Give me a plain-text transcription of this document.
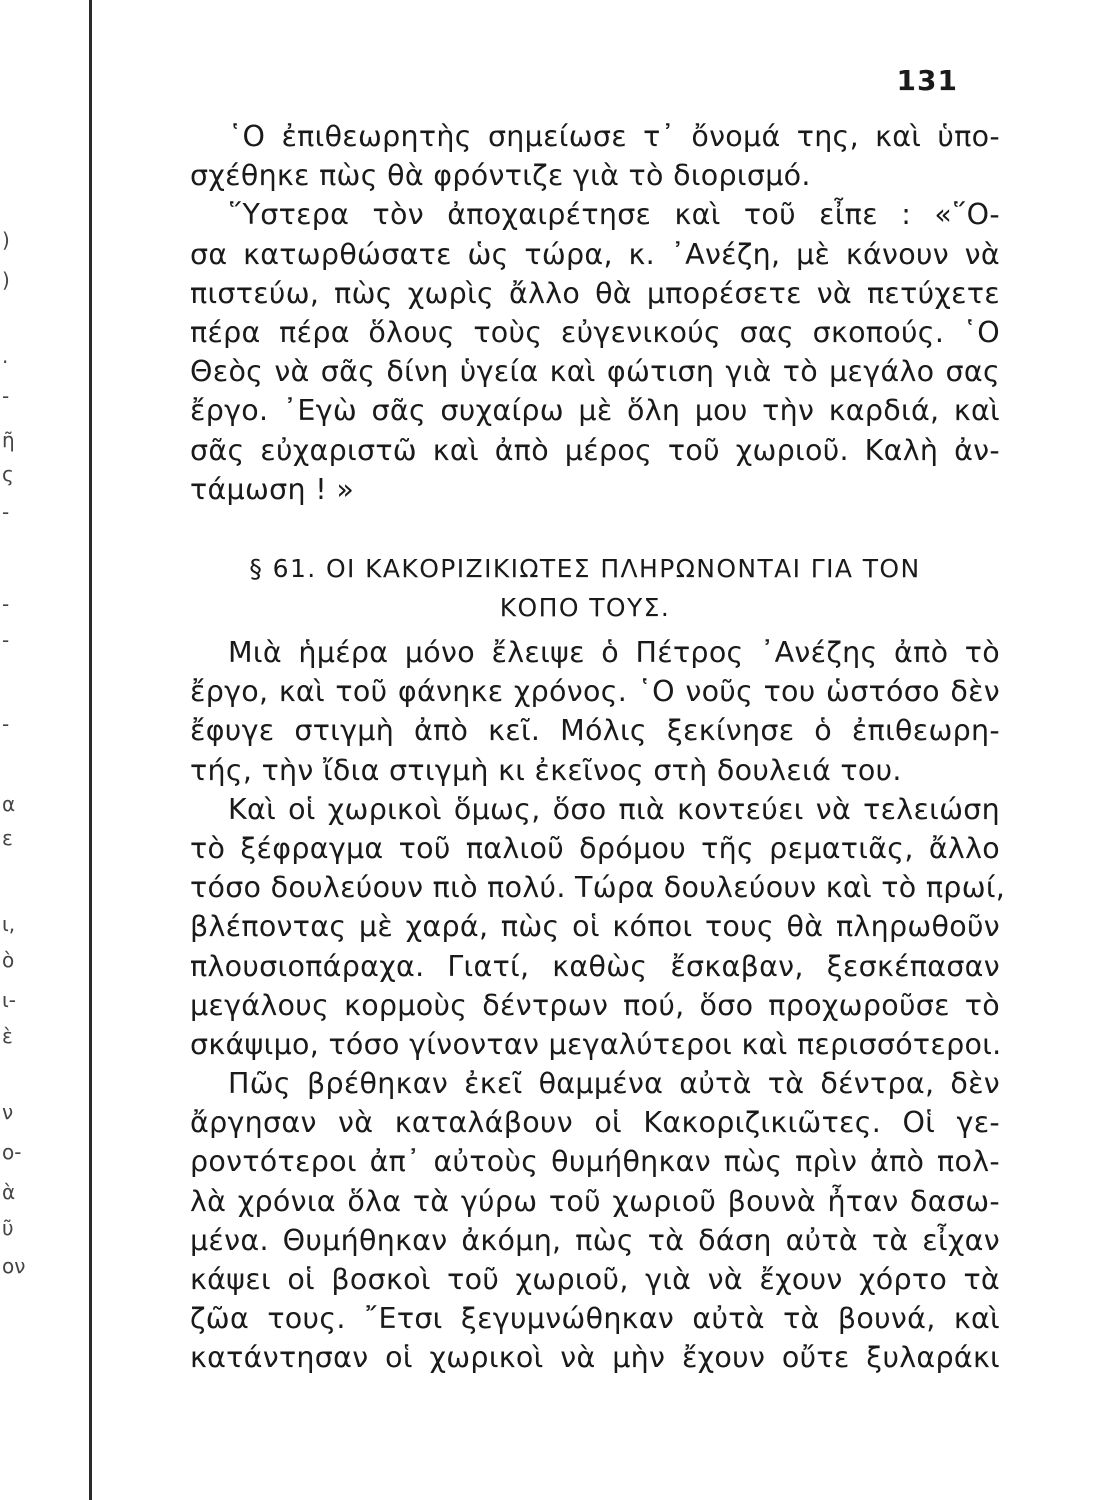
)
)
.
-
ῆ
ς
-
-
-
-
α
ε
ι,
ὸ
ι-
ὲ
ν
ο-
ὰ
ῦ
ον
131
῾Ο ἐπιθεωρητὴς σημείωσε τ᾿ ὄνομά της, καὶ ὑπο-
σχέθηκε πὼς θὰ φρόντιζε γιὰ τὸ διορισμό.
῞Υστερα τὸν ἀποχαιρέτησε καὶ τοῦ εἶπε : «῞Ο-
σα κατωρθώσατε ὡς τώρα, κ. ᾿Ανέζη, μὲ κάνουν νὰ
πιστεύω, πὼς χωρὶς ἄλλο θὰ μπορέσετε νὰ πετύχετε
πέρα πέρα ὅλους τοὺς εὐγενικούς σας σκοπούς. ῾Ο
Θεὸς νὰ σᾶς δίνη ὑγεία καὶ φώτιση γιὰ τὸ μεγάλο σας
ἔργο. ᾿Εγὼ σᾶς συχαίρω μὲ ὅλη μου τὴν καρδιά, καὶ
σᾶς εὐχαριστῶ καὶ ἀπὸ μέρος τοῦ χωριοῦ. Καλὴ ἀν-
τάμωση ! »
§ 61. ΟΙ ΚΑΚΟΡΙΖΙΚΙΩΤΕΣ ΠΛΗΡΩΝΟΝΤΑΙ ΓΙΑ ΤΟΝ
ΚΟΠΟ ΤΟΥΣ.
Μιὰ ἡμέρα μόνο ἔλειψε ὁ Πέτρος ᾿Ανέζης ἀπὸ τὸ
ἔργο, καὶ τοῦ φάνηκε χρόνος. ῾Ο νοῦς του ὡστόσο δὲν
ἔφυγε στιγμὴ ἀπὸ κεῖ. Μόλις ξεκίνησε ὁ ἐπιθεωρη-
τής, τὴν ἴδια στιγμὴ κι ἐκεῖνος στὴ δουλειά του.
Καὶ οἱ χωρικοὶ ὅμως, ὅσο πιὰ κοντεύει νὰ τελειώση
τὸ ξέφραγμα τοῦ παλιοῦ δρόμου τῆς ρεματιᾶς, ἄλλο
τόσο δουλεύουν πιὸ πολύ. Τώρα δουλεύουν καὶ τὸ πρωί,
βλέποντας μὲ χαρά, πὼς οἱ κόποι τους θὰ πληρωθοῦν
πλουσιοπάραχα. Γιατί, καθὼς ἔσκαβαν, ξεσκέπασαν
μεγάλους κορμοὺς δέντρων πού, ὅσο προχωροῦσε τὸ
σκάψιμο, τόσο γίνονταν μεγαλύτεροι καὶ περισσότεροι.
Πῶς βρέθηκαν ἐκεῖ θαμμένα αὐτὰ τὰ δέντρα, δὲν
ἄργησαν νὰ καταλάβουν οἱ Κακοριζικιῶτες. Οἱ γε-
ροντότεροι ἀπ᾿ αὐτοὺς θυμήθηκαν πὼς πρὶν ἀπὸ πολ-
λὰ χρόνια ὅλα τὰ γύρω τοῦ χωριοῦ βουνὰ ἦταν δασω-
μένα. Θυμήθηκαν ἀκόμη, πὼς τὰ δάση αὐτὰ τὰ εἶχαν
κάψει οἱ βοσκοὶ τοῦ χωριοῦ, γιὰ νὰ ἔχουν χόρτο τὰ
ζῶα τους. ῎Ετσι ξεγυμνώθηκαν αὐτὰ τὰ βουνά, καὶ
κατάντησαν οἱ χωρικοὶ νὰ μὴν ἔχουν οὔτε ξυλαράκι
